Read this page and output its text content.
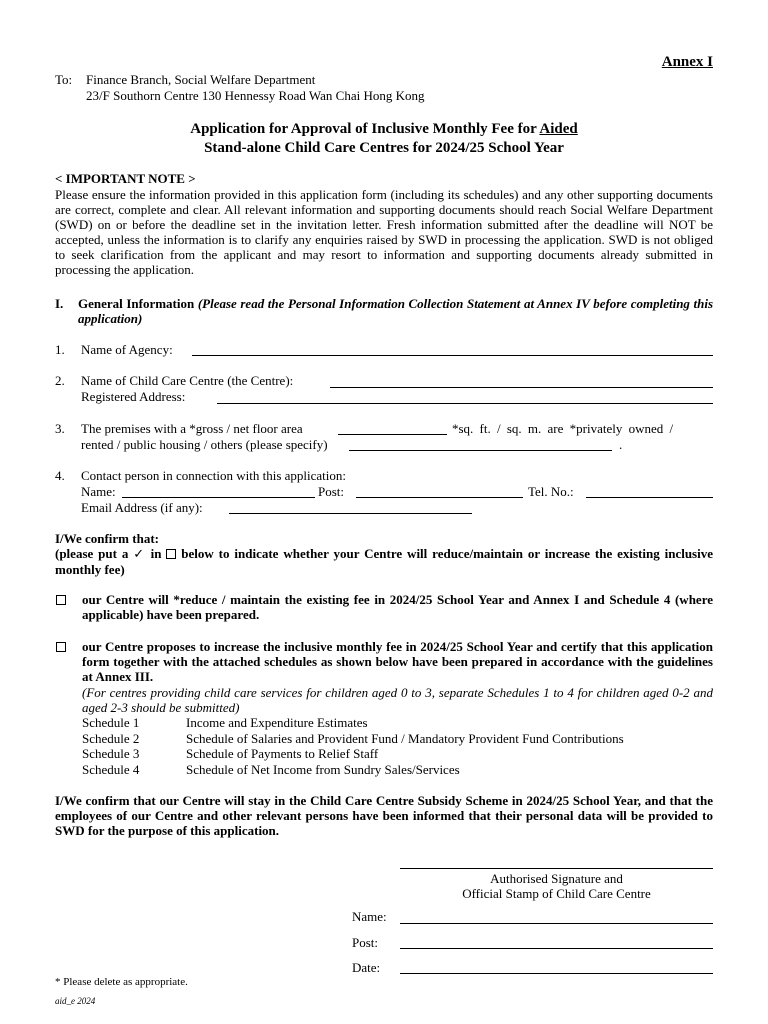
Annex I
To: Finance Branch, Social Welfare Department
23/F Southorn Centre 130 Hennessy Road Wan Chai Hong Kong
Application for Approval of Inclusive Monthly Fee for Aided
Stand-alone Child Care Centres for 2024/25 School Year
< IMPORTANT NOTE >
Please ensure the information provided in this application form (including its schedules) and any other supporting documents are correct, complete and clear. All relevant information and supporting documents should reach Social Welfare Department (SWD) on or before the deadline set in the invitation letter. Fresh information submitted after the deadline will NOT be accepted, unless the information is to clarify any enquiries raised by SWD in processing the application. SWD is not obliged to seek clarification from the applicant and may resort to information and supporting documents already submitted in processing the application.
I. General Information (Please read the Personal Information Collection Statement at Annex IV before completing this application)
1. Name of Agency:
2. Name of Child Care Centre (the Centre):
Registered Address:
3. The premises with a *gross / net floor area	*sq. ft. / sq. m. are *privately owned /
rented / public housing / others (please specify)	.
4. Contact person in connection with this application:
Name:	Post:	Tel. No.:
Email Address (if any):
I/We confirm that:
(please put a ✓ in  below to indicate whether your Centre will reduce/maintain or increase the existing inclusive monthly fee)
our Centre will *reduce / maintain the existing fee in 2024/25 School Year and Annex I and Schedule 4 (where applicable) have been prepared.
our Centre proposes to increase the inclusive monthly fee in 2024/25 School Year and certify that this application form together with the attached schedules as shown below have been prepared in accordance with the guidelines at Annex III.
(For centres providing child care services for children aged 0 to 3, separate Schedules 1 to 4 for children aged 0-2 and aged 2-3 should be submitted)
Schedule 1	Income and Expenditure Estimates
Schedule 2	Schedule of Salaries and Provident Fund / Mandatory Provident Fund Contributions
Schedule 3	Schedule of Payments to Relief Staff
Schedule 4	Schedule of Net Income from Sundry Sales/Services
I/We confirm that our Centre will stay in the Child Care Centre Subsidy Scheme in 2024/25 School Year, and that the employees of our Centre and other relevant persons have been informed that their personal data will be provided to SWD for the purpose of this application.
Authorised Signature and
Official Stamp of Child Care Centre
Name:
Post:
Date:
* Please delete as appropriate.
aid_e 2024
